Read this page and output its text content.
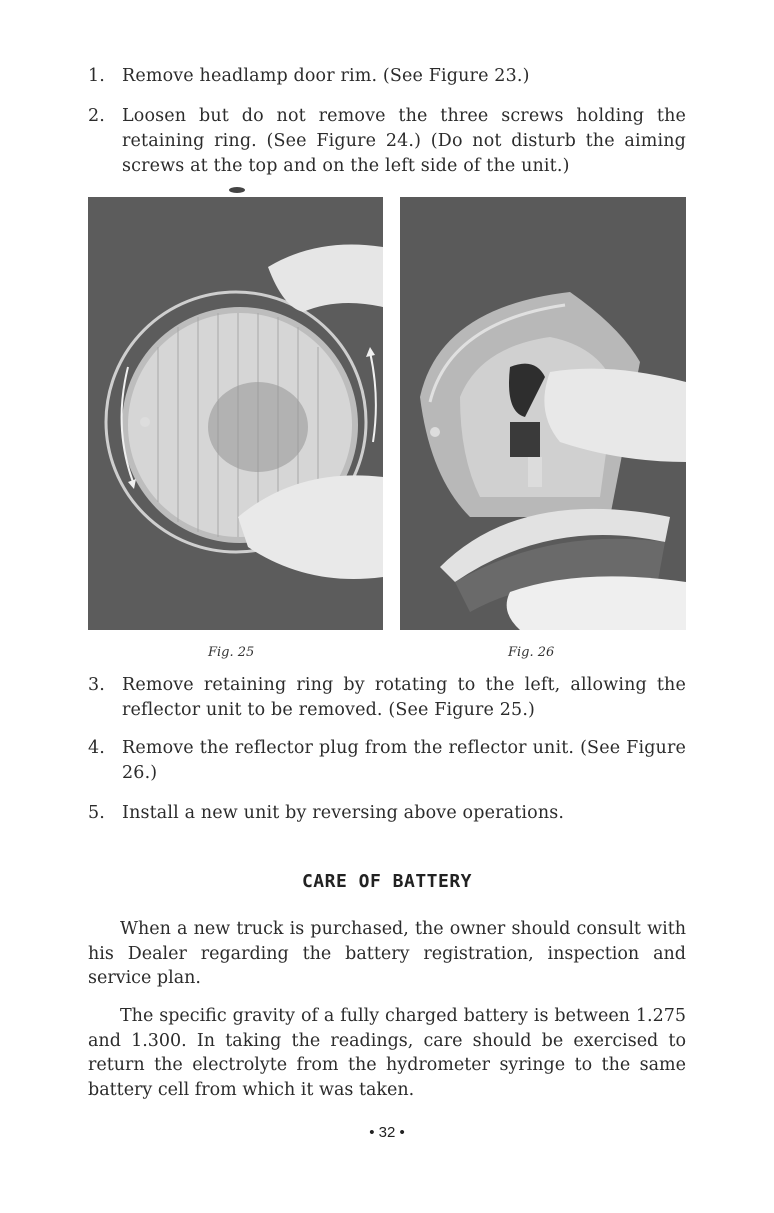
1. Remove headlamp door rim. (See Figure 23.)
2. Loosen but do not remove the three screws holding the retaining ring. (See Figure 24.) (Do not disturb the aiming screws at the top and on the left side of the unit.)
Fig. 25	Fig. 26
3. Remove retaining ring by rotating to the left, allowing the reflector unit to be removed. (See Figure 25.)
4. Remove the reflector plug from the reflector unit. (See Figure 26.)
5. Install a new unit by reversing above operations.
CARE OF BATTERY
When a new truck is purchased, the owner should consult with his Dealer regarding the battery registration, inspection and service plan.
The specific gravity of a fully charged battery is between 1.275 and 1.300. In taking the readings, care should be exercised to return the electrolyte from the hydrometer syringe to the same battery cell from which it was taken.
• 32 •
